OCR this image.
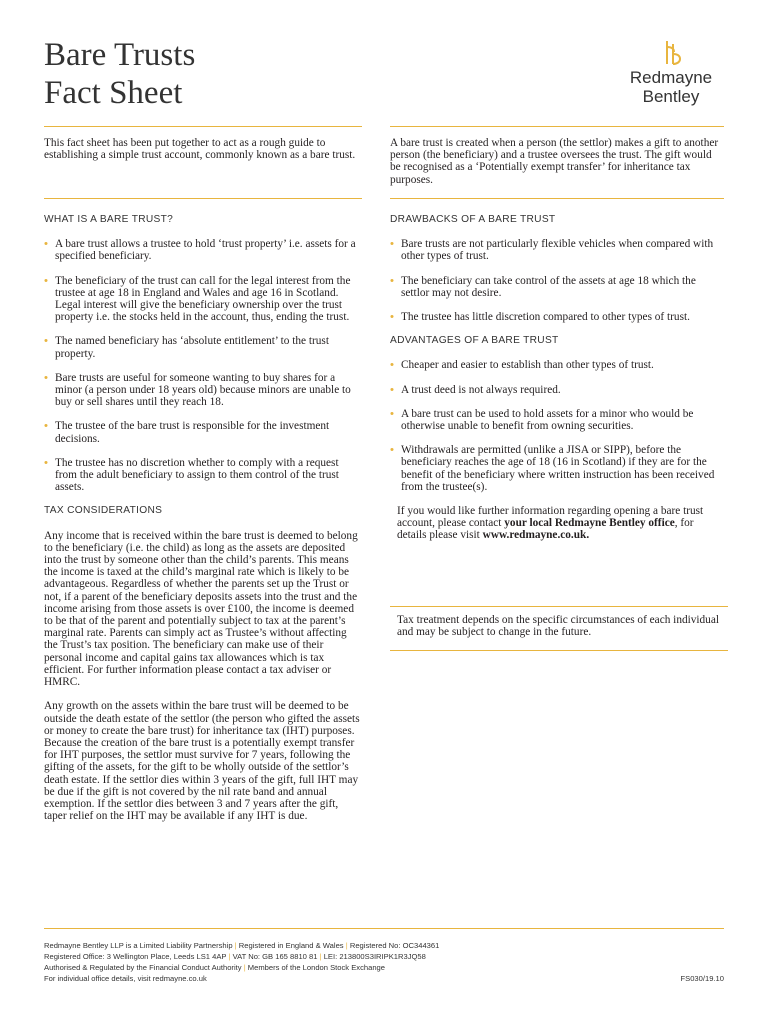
Bare Trusts
Fact Sheet	Redmayne
Bentley

This fact sheet has been put together to act as a rough guide to establishing a simple trust account, commonly known as a bare trust.

A bare trust is created when a person (the settlor) makes a gift to another person (the beneficiary) and a trustee oversees the trust. The gift would be recognised as a ‘Potentially exempt transfer’ for inheritance tax purposes.

WHAT IS A BARE TRUST?
• A bare trust allows a trustee to hold ‘trust property’ i.e. assets for a specified beneficiary.
• The beneficiary of the trust can call for the legal interest from the trustee at age 18 in England and Wales and age 16 in Scotland. Legal interest will give the beneficiary ownership over the trust property i.e. the stocks held in the account, thus, ending the trust.
• The named beneficiary has ‘absolute entitlement’ to the trust property.
• Bare trusts are useful for someone wanting to buy shares for a minor (a person under 18 years old) because minors are unable to buy or sell shares until they reach 18.
• The trustee of the bare trust is responsible for the investment decisions.
• The trustee has no discretion whether to comply with a request from the adult beneficiary to assign to them control of the trust assets.
TAX CONSIDERATIONS

Any income that is received within the bare trust is deemed to belong to the beneficiary (i.e. the child) as long as the assets are deposited into the trust by someone other than the child’s parents. This means the income is taxed at the child’s marginal rate which is likely to be advantageous. Regardless of whether the parents set up the Trust or not, if a parent of the beneficiary deposits assets into the trust and the income arising from those assets is over £100, the income is deemed to be that of the parent and potentially subject to tax at the parent’s marginal rate. Parents can simply act as Trustee’s without affecting the Trust’s tax position. The beneficiary can make use of their personal income and capital gains tax allowances which is tax efficient. For further information please contact a tax adviser or HMRC.

Any growth on the assets within the bare trust will be deemed to be outside the death estate of the settlor (the person who gifted the assets or money to create the bare trust) for inheritance tax (IHT) purposes. Because the creation of the bare trust is a potentially exempt transfer for IHT purposes, the settlor must survive for 7 years, following the gifting of the assets, for the gift to be wholly outside of the settlor’s death estate. If the settlor dies within 3 years of the gift, full IHT may be due if the gift is not covered by the nil rate band and annual exemption. If the settlor dies between 3 and 7 years after the gift, taper relief on the IHT may be available if any IHT is due.

DRAWBACKS OF A BARE TRUST
• Bare trusts are not particularly flexible vehicles when compared with other types of trust.
• The beneficiary can take control of the assets at age 18 which the settlor may not desire.
• The trustee has little discretion compared to other types of trust.
ADVANTAGES OF A BARE TRUST
• Cheaper and easier to establish than other types of trust.
• A trust deed is not always required.
• A bare trust can be used to hold assets for a minor who would be otherwise unable to benefit from owning securities.
• Withdrawals are permitted (unlike a JISA or SIPP), before the beneficiary reaches the age of 18 (16 in Scotland) if they are for the benefit of the beneficiary where written instruction has been received from the trustee(s).

If you would like further information regarding opening a bare trust account, please contact your local Redmayne Bentley office, for details please visit www.redmayne.co.uk.

Tax treatment depends on the specific circumstances of each individual and may be subject to change in the future.

Redmayne Bentley LLP is a Limited Liability Partnership | Registered in England & Wales | Registered No: OC344361
Registered Office: 3 Wellington Place, Leeds LS1 4AP | VAT No: GB 165 8810 81 | LEI: 213800S3IRIPK1R3JQ58
Authorised & Regulated by the Financial Conduct Authority | Members of the London Stock Exchange
For individual office details, visit redmayne.co.uk	FS030/19.10
